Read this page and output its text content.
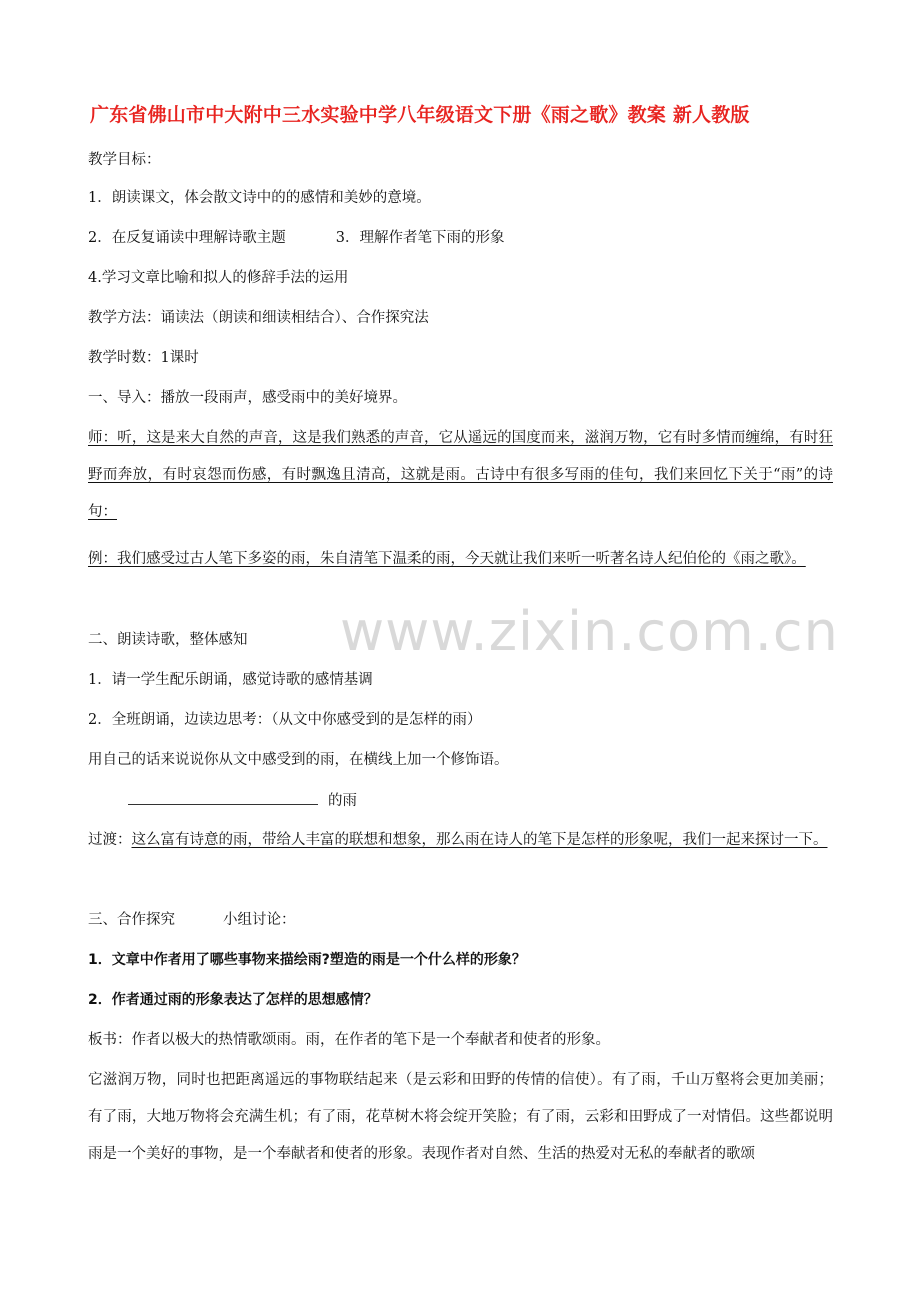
广东省佛山市中大附中三水实验中学八年级语文下册《雨之歌》教案 新人教版
教学目标：
1．朗读课文，体会散文诗中的的感情和美妙的意境。
2．在反复诵读中理解诗歌主题	3．理解作者笔下雨的形象
4.学习文章比喻和拟人的修辞手法的运用
教学方法：诵读法（朗读和细读相结合）、合作探究法
教学时数：1课时
一、导入：播放一段雨声，感受雨中的美好境界。
师：听，这是来大自然的声音，这是我们熟悉的声音，它从遥远的国度而来，滋润万物，它有时多情而缠绵，有时狂野而奔放，有时哀怨而伤感，有时飘逸且清高，这就是雨。古诗中有很多写雨的佳句，我们来回忆下关于“雨”的诗句：
例：我们感受过古人笔下多姿的雨，朱自清笔下温柔的雨，今天就让我们来听一听著名诗人纪伯伦的《雨之歌》。
二、朗读诗歌，整体感知
1．请一学生配乐朗诵，感觉诗歌的感情基调
2．全班朗诵，边读边思考：（从文中你感受到的是怎样的雨）
用自己的话来说说你从文中感受到的雨，在横线上加一个修饰语。
的雨
过渡：这么富有诗意的雨，带给人丰富的联想和想象，那么雨在诗人的笔下是怎样的形象呢，我们一起来探讨一下。
三、合作探究	小组讨论：
1．文章中作者用了哪些事物来描绘雨?塑造的雨是一个什么样的形象？
2．作者通过雨的形象表达了怎样的思想感情？
板书：作者以极大的热情歌颂雨。雨，在作者的笔下是一个奉献者和使者的形象。
它滋润万物，同时也把距离遥远的事物联结起来（是云彩和田野的传情的信使）。有了雨，千山万壑将会更加美丽；有了雨，大地万物将会充满生机；有了雨，花草树木将会绽开笑脸；有了雨，云彩和田野成了一对情侣。这些都说明雨是一个美好的事物，是一个奉献者和使者的形象。表现作者对自然、生活的热爱对无私的奉献者的歌颂
www.zixin.com.cn
